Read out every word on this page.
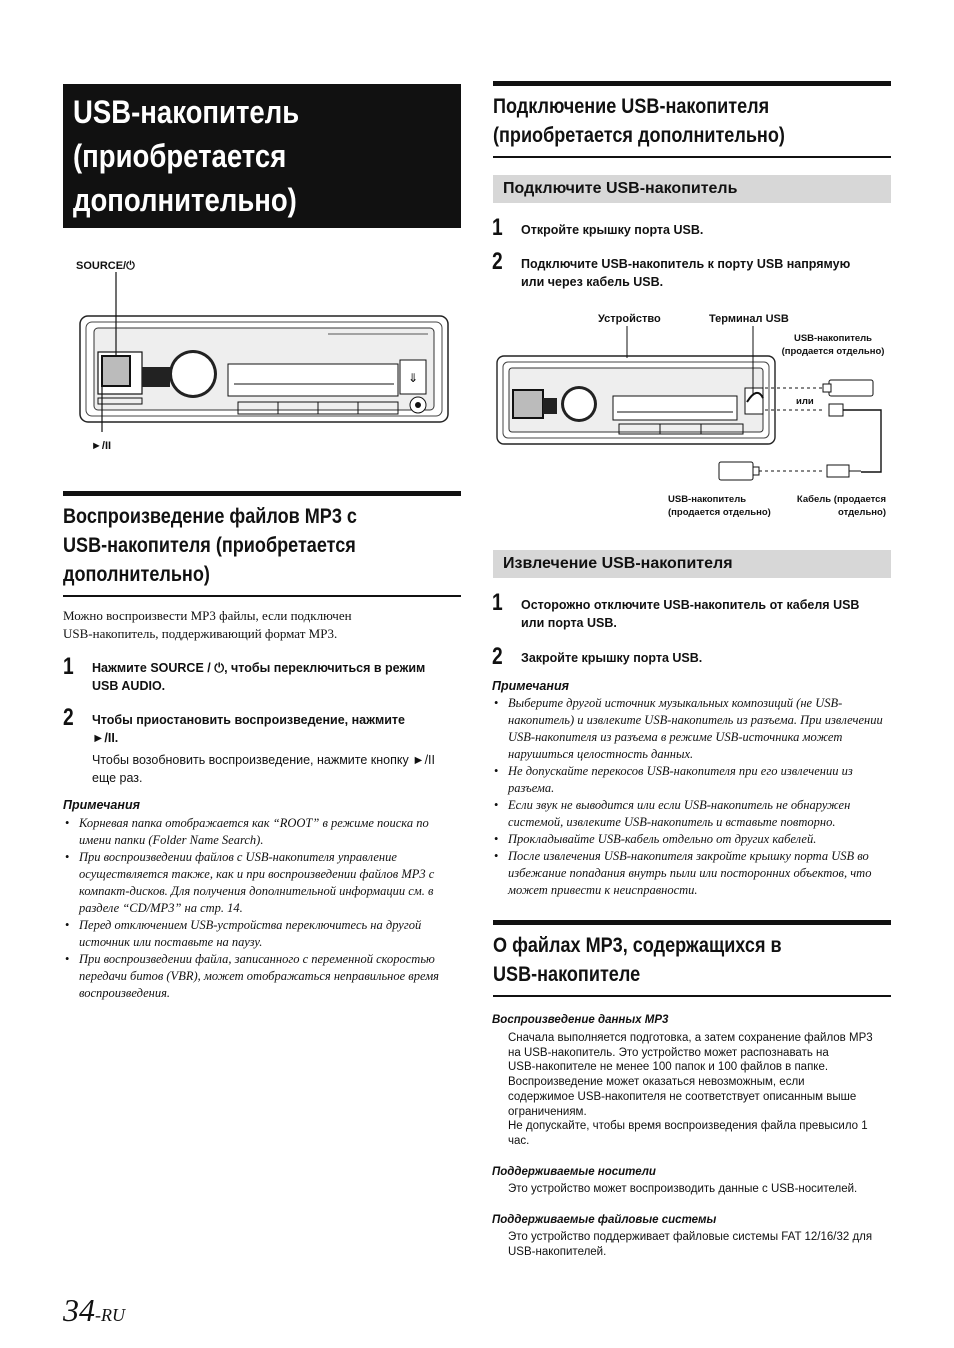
USB-накопитель
(приобретается
дополнительно)
SOURCE/⏻
►/II
⇓
Воспроизведение файлов MP3 с
USB-накопителя (приобретается
дополнительно)
Можно воспроизвести MP3 файлы, если подключен
USB-накопитель, поддерживающий формат MP3.
1 Нажмите SOURCE / ⏻, чтобы переключиться в режим
USB AUDIO.
2 Чтобы приостановить воспроизведение, нажмите
►/II.
Чтобы возобновить воспроизведение, нажмите кнопку ►/II
еще раз.
Примечания
• Корневая папка отображается как “ROOT” в режиме поиска по имени папки (Folder Name Search).
• При воспроизведении файлов с USB-накопителя управление осуществляется также, как и при воспроизведении файлов MP3 с компакт-дисков. Для получения дополнительной информации см. в разделе “CD/MP3” на стр. 14.
• Перед отключением USB-устройства переключитесь на другой источник или поставьте на паузу.
• При воспроизведении файла, записанного с переменной скоростью передачи битов (VBR), может отображаться неправильное время воспроизведения.
Подключение USB-накопителя
(приобретается дополнительно)
Подключите USB-накопитель
1 Откройте крышку порта USB.
2 Подключите USB-накопитель к порту USB напрямую
или через кабель USB.
Устройство	Терминал USB
USB-накопитель
(продается отдельно)
или
USB-накопитель
(продается отдельно)
Кабель (продается
отдельно)
Извлечение USB-накопителя
1 Осторожно отключите USB-накопитель от кабеля USB
или порта USB.
2 Закройте крышку порта USB.
Примечания
• Выберите другой источник музыкальных композиций (не USB-накопитель) и извлеките USB-накопитель из разъема. При извлечении USB-накопителя из разъема в режиме USB-источника может нарушиться целостность данных.
• Не допускайте перекосов USB-накопителя при его извлечении из разъема.
• Если звук не выводится или если USB-накопитель не обнаружен системой, извлеките USB-накопитель и вставьте повторно.
• Прокладывайте USB-кабель отдельно от других кабелей.
• После извлечения USB-накопителя закройте крышку порта USB во избежание попадания внутрь пыли или посторонних объектов, что может привести к неисправности.
О файлах MP3, содержащихся в
USB-накопителе
Воспроизведение данных MP3
Сначала выполняется подготовка, а затем сохранение файлов MP3
на USB-накопитель. Это устройство может распознавать на
USB-накопителе не менее 100 папок и 100 файлов в папке.
Воспроизведение может оказаться невозможным, если
содержимое USB-накопителя не соответствует описанным выше
ограничениям.
Не допускайте, чтобы время воспроизведения файла превысило 1
час.
Поддерживаемые носители
Это устройство может воспроизводить данные с USB-носителей.
Поддерживаемые файловые системы
Это устройство поддерживает файловые системы FAT 12/16/32 для
USB-накопителей.
34-RU
